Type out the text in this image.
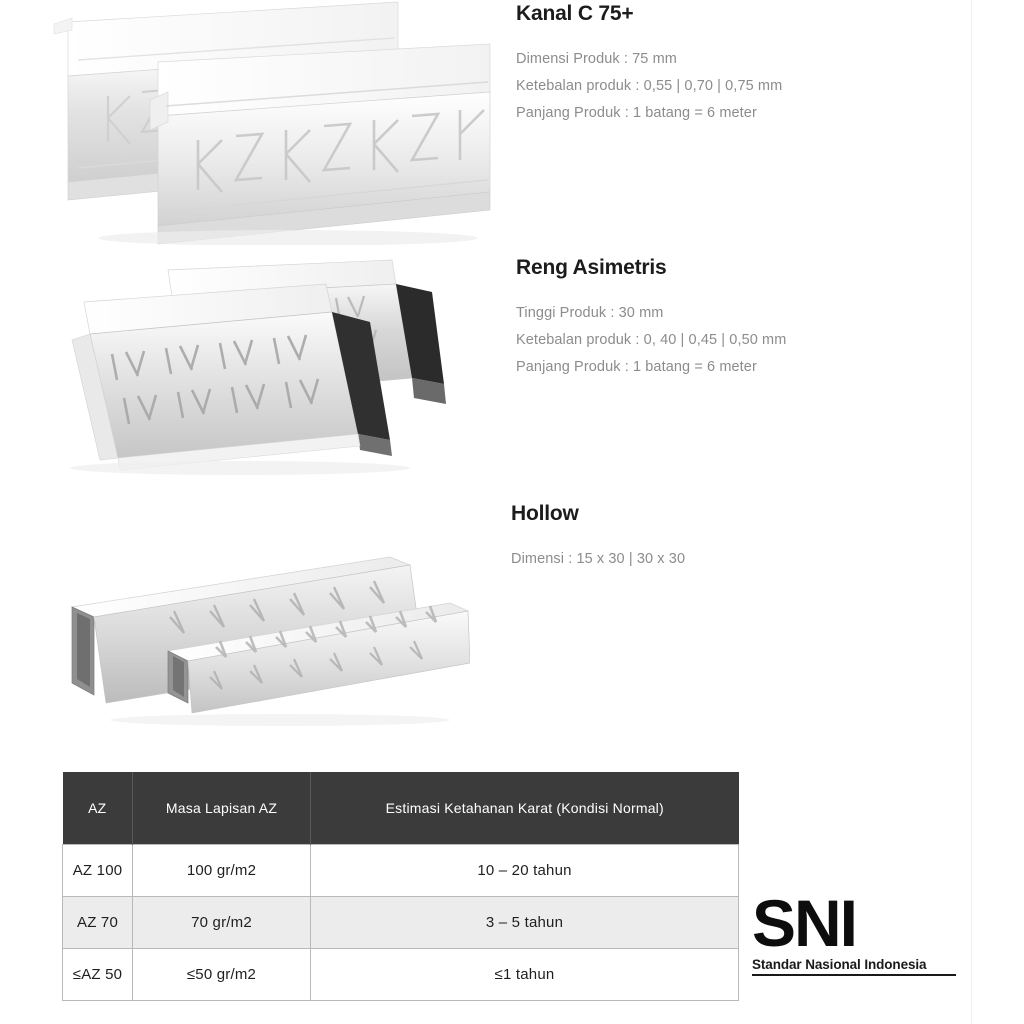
Kanal C 75+
Dimensi Produk : 75 mm
Ketebalan produk : 0,55 | 0,70 | 0,75 mm
Panjang Produk : 1 batang = 6 meter
Reng Asimetris
Tinggi Produk : 30 mm
Ketebalan produk : 0, 40 | 0,45 | 0,50 mm
Panjang Produk : 1 batang = 6 meter
Hollow
Dimensi : 15 x 30 | 30 x 30
AZ	Masa Lapisan AZ	Estimasi Ketahanan Karat (Kondisi Normal)
AZ 100	100 gr/m2	10 – 20 tahun
AZ 70	70 gr/m2	3 – 5 tahun
≤AZ 50	≤50 gr/m2	≤1 tahun
SNI
Standar Nasional Indonesia
